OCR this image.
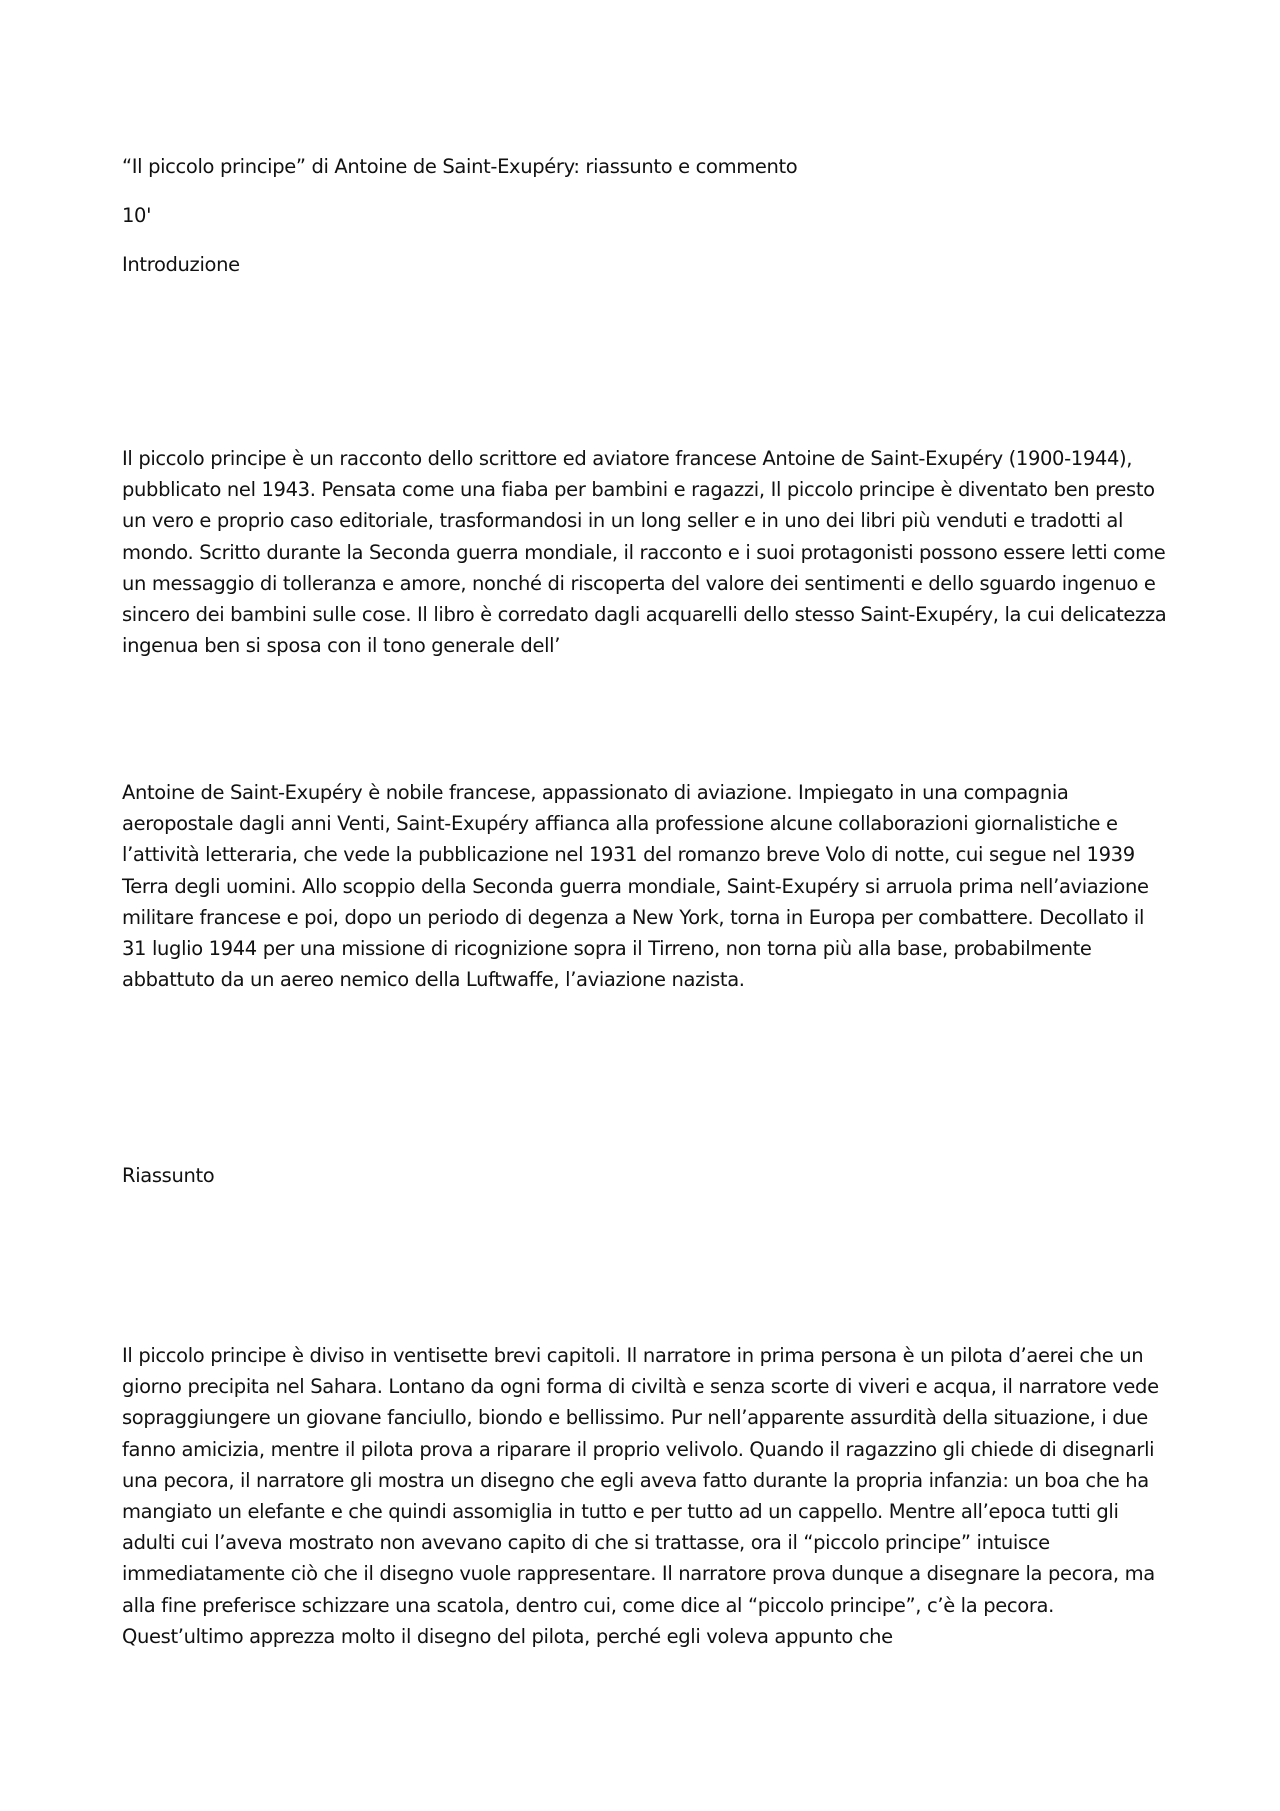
“Il piccolo principe” di Antoine de Saint-Exupéry: riassunto e commento
10'
Introduzione

Il piccolo principe è un racconto dello scrittore ed aviatore francese Antoine de Saint-Exupéry (1900-1944), pubblicato nel 1943. Pensata come una fiaba per bambini e ragazzi, Il piccolo principe è diventato ben presto un vero e proprio caso editoriale, trasformandosi in un long seller e in uno dei libri più venduti e tradotti al mondo. Scritto durante la Seconda guerra mondiale, il racconto e i suoi protagonisti possono essere letti come un messaggio di tolleranza e amore, nonché di riscoperta del valore dei sentimenti e dello sguardo ingenuo e sincero dei bambini sulle cose. Il libro è corredato dagli acquarelli dello stesso Saint-Exupéry, la cui delicatezza ingenua ben si sposa con il tono generale dell’

Antoine de Saint-Exupéry è nobile francese, appassionato di aviazione. Impiegato in una compagnia aeropostale dagli anni Venti, Saint-Exupéry affianca alla professione alcune collaborazioni giornalistiche e l’attività letteraria, che vede la pubblicazione nel 1931 del romanzo breve Volo di notte, cui segue nel 1939 Terra degli uomini. Allo scoppio della Seconda guerra mondiale, Saint-Exupéry si arruola prima nell’aviazione militare francese e poi, dopo un periodo di degenza a New York, torna in Europa per combattere. Decollato il 31 luglio 1944 per una missione di ricognizione sopra il Tirreno, non torna più alla base, probabilmente abbattuto da un aereo nemico della Luftwaffe, l’aviazione nazista.

Riassunto

Il piccolo principe è diviso in ventisette brevi capitoli. Il narratore in prima persona è un pilota d’aerei che un giorno precipita nel Sahara. Lontano da ogni forma di civiltà e senza scorte di viveri e acqua, il narratore vede sopraggiungere un giovane fanciullo, biondo e bellissimo. Pur nell’apparente assurdità della situazione, i due fanno amicizia, mentre il pilota prova a riparare il proprio velivolo. Quando il ragazzino gli chiede di disegnarli una pecora, il narratore gli mostra un disegno che egli aveva fatto durante la propria infanzia: un boa che ha mangiato un elefante e che quindi assomiglia in tutto e per tutto ad un cappello. Mentre all’epoca tutti gli adulti cui l’aveva mostrato non avevano capito di che si trattasse, ora il “piccolo principe” intuisce immediatamente ciò che il disegno vuole rappresentare. Il narratore prova dunque a disegnare la pecora, ma alla fine preferisce schizzare una scatola, dentro cui, come dice al “piccolo principe”, c’è la pecora. Quest’ultimo apprezza molto il disegno del pilota, perché egli voleva appunto che
